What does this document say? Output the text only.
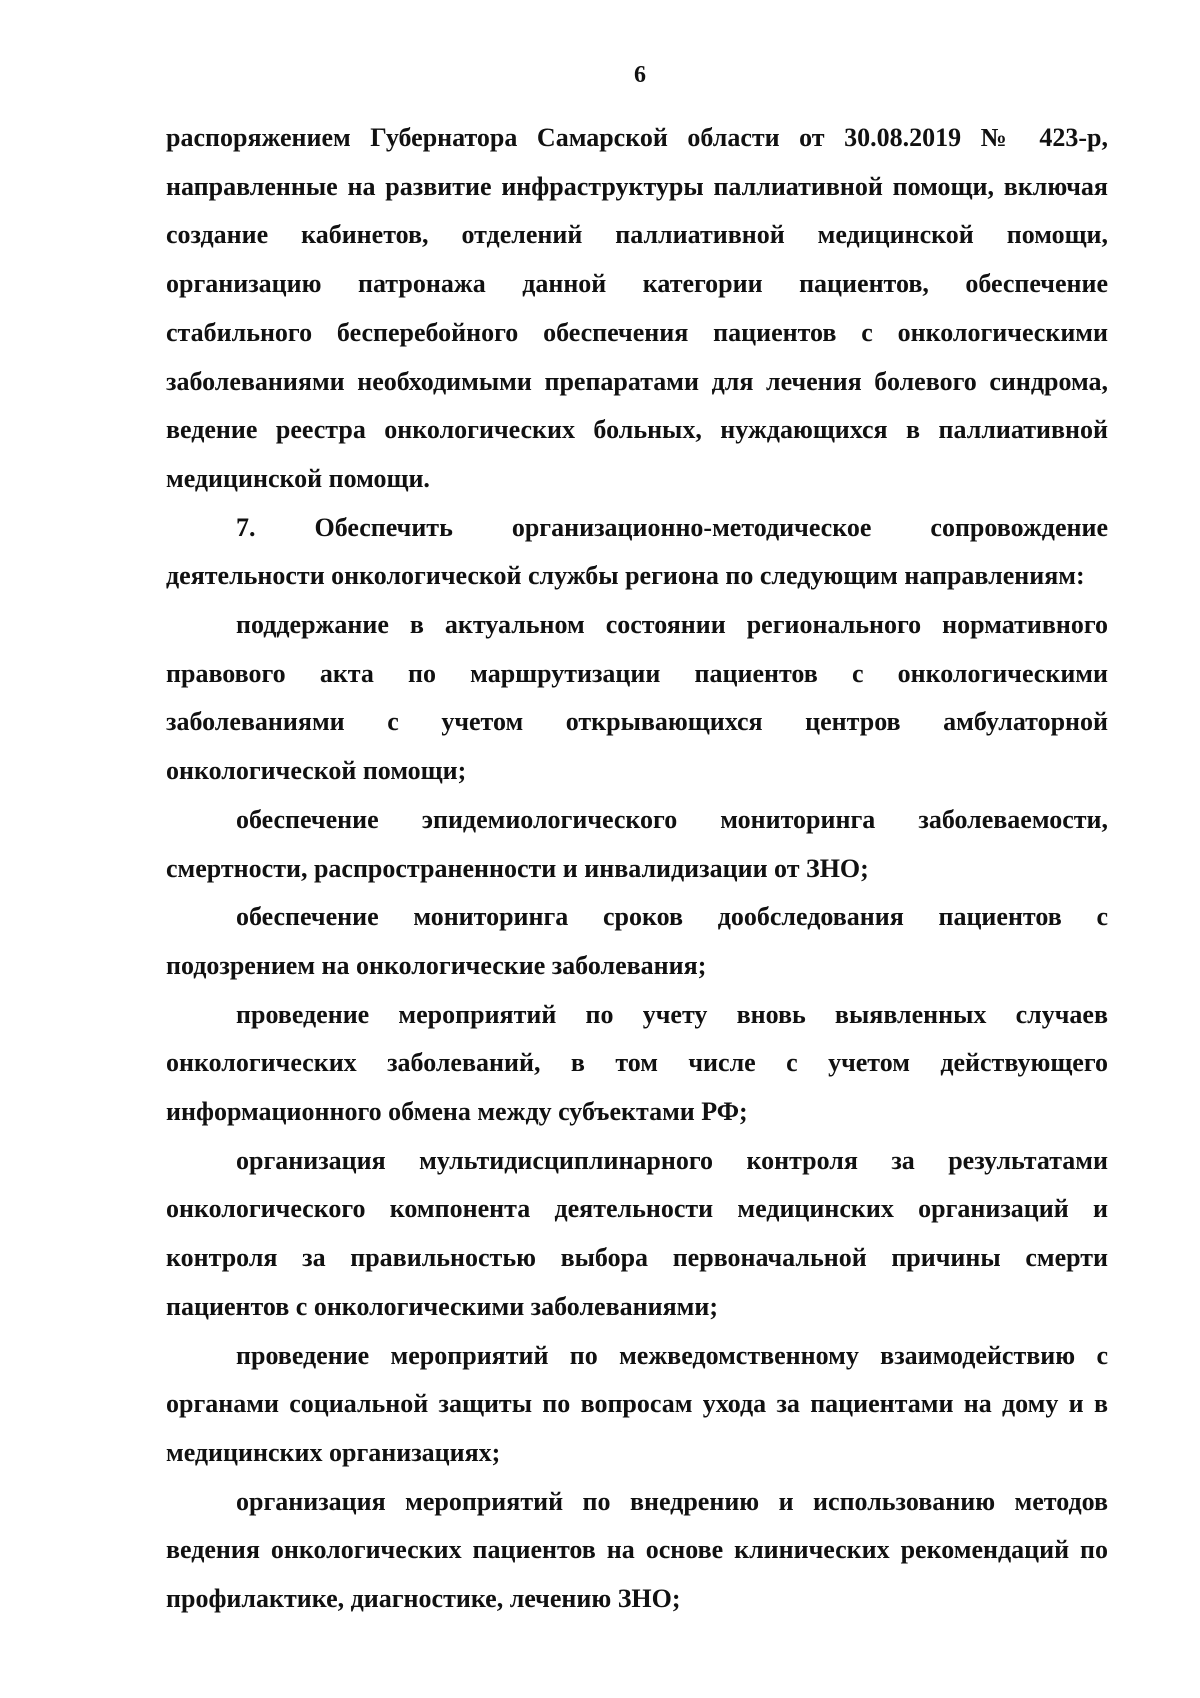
6

распоряжением Губернатора Самарской области от 30.08.2019 № 423-р, направленные на развитие инфраструктуры паллиативной помощи, включая создание кабинетов, отделений паллиативной медицинской помощи, организацию патронажа данной категории пациентов, обеспечение стабильного бесперебойного обеспечения пациентов с онкологическими заболеваниями необходимыми препаратами для лечения болевого синдрома, ведение реестра онкологических больных, нуждающихся в паллиативной медицинской помощи.

7. Обеспечить организационно-методическое сопровождение деятельности онкологической службы региона по следующим направлениям:

поддержание в актуальном состоянии регионального нормативного правового акта по маршрутизации пациентов с онкологическими заболеваниями с учетом открывающихся центров амбулаторной онкологической помощи;

обеспечение эпидемиологического мониторинга заболеваемости, смертности, распространенности и инвалидизации от ЗНО;

обеспечение мониторинга сроков дообследования пациентов с подозрением на онкологические заболевания;

проведение мероприятий по учету вновь выявленных случаев онкологических заболеваний, в том числе с учетом действующего информационного обмена между субъектами РФ;

организация мультидисциплинарного контроля за результатами онкологического компонента деятельности медицинских организаций и контроля за правильностью выбора первоначальной причины смерти пациентов с онкологическими заболеваниями;

проведение мероприятий по межведомственному взаимодействию с органами социальной защиты по вопросам ухода за пациентами на дому и в медицинских организациях;

организация мероприятий по внедрению и использованию методов ведения онкологических пациентов на основе клинических рекомендаций по профилактике, диагностике, лечению ЗНО;
